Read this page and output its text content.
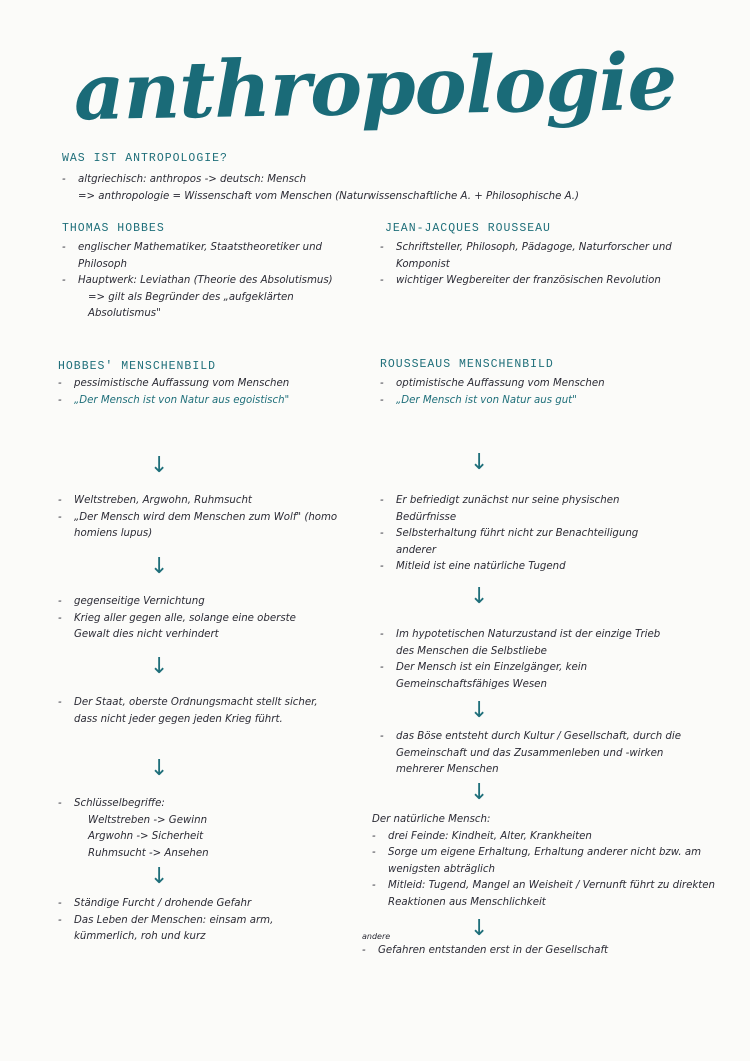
anthropologie
WAS IST ANTROPOLOGIE?
- altgriechisch: anthropos -> deutsch: Mensch
=> anthropologie = Wissenschaft vom Menschen (Naturwissenschaftliche A. + Philosophische A.)
THOMAS HOBBES
- englischer Mathematiker, Staatstheoretiker und Philosoph
- Hauptwerk: Leviathan (Theorie des Absolutismus)
=> gilt als Begründer des „aufgeklärten Absolutismus"
JEAN-JACQUES ROUSSEAU
- Schriftsteller, Philosoph, Pädagoge, Naturforscher und Komponist
- wichtiger Wegbereiter der französischen Revolution
HOBBES' MENSCHENBILD
- pessimistische Auffassung vom Menschen
- „Der Mensch ist von Natur aus egoistisch"
↓
- Weltstreben, Argwohn, Ruhmsucht
- „Der Mensch wird dem Menschen zum Wolf" (homo homiens lupus)
↓
- gegenseitige Vernichtung
- Krieg aller gegen alle, solange eine oberste Gewalt dies nicht verhindert
↓
- Der Staat, oberste Ordnungsmacht stellt sicher, dass nicht jeder gegen jeden Krieg führt.
↓
- Schlüsselbegriffe:
Weltstreben -> Gewinn
Argwohn -> Sicherheit
Ruhmsucht -> Ansehen
↓
- Ständige Furcht / drohende Gefahr
- Das Leben der Menschen: einsam arm, kümmerlich, roh und kurz
ROUSSEAUS MENSCHENBILD
- optimistische Auffassung vom Menschen
- „Der Mensch ist von Natur aus gut"
↓
- Er befriedigt zunächst nur seine physischen Bedürfnisse
- Selbsterhaltung führt nicht zur Benachteiligung anderer
- Mitleid ist eine natürliche Tugend
↓
- Im hypotetischen Naturzustand ist der einzige Trieb des Menschen die Selbstliebe
- Der Mensch ist ein Einzelgänger, kein Gemeinschaftsfähiges Wesen
↓
- das Böse entsteht durch Kultur / Gesellschaft, durch die Gemeinschaft und das Zusammenleben und -wirken mehrerer Menschen
↓
Der natürliche Mensch:
- drei Feinde: Kindheit, Alter, Krankheiten
- Sorge um eigene Erhaltung, Erhaltung anderer nicht bzw. am wenigsten abträglich
- Mitleid: Tugend, Mangel an Weisheit / Vernunft führt zu direkten Reaktionen aus Menschlichkeit
↓
andere
- Gefahren entstanden erst in der Gesellschaft
